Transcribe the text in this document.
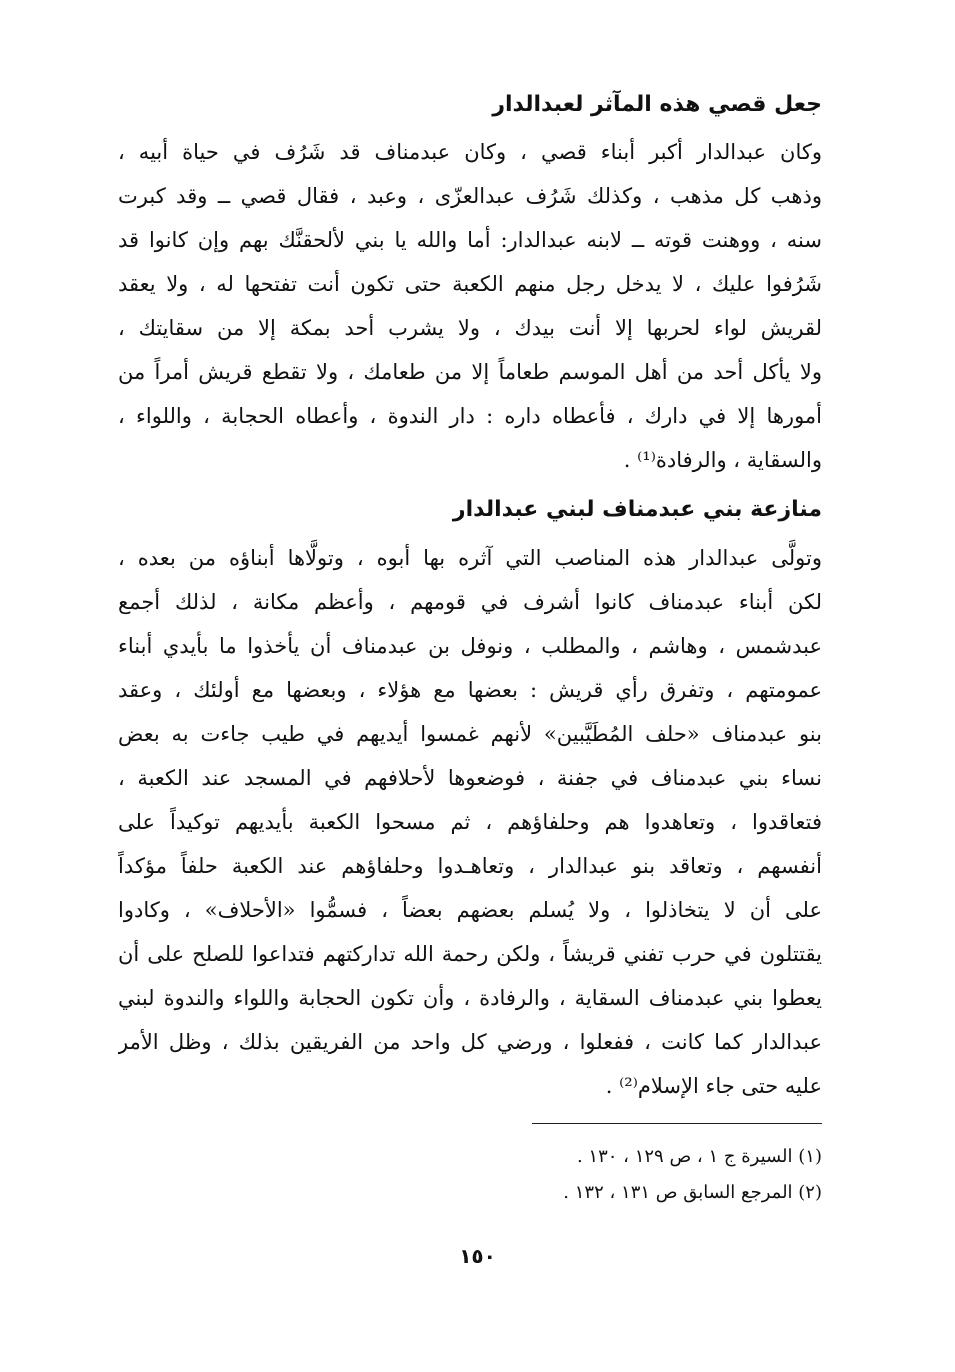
جعل قصي هذه المآثر لعبدالدار
وكان عبدالدار أكبر أبناء قصي ، وكان عبدمناف قد شَرُف في حياة أبيه ،
وذهب كل مذهب ، وكذلك شَرُف عبدالعزّى ، وعبد ، فقال قصي ــ وقد كبرت
سنه ، ووهنت قوته ــ لابنه عبدالدار: أما والله يا بني لألحقنَّك بهم وإن كانوا قد
شَرُفوا عليك ، لا يدخل رجل منهم الكعبة حتى تكون أنت تفتحها له ، ولا يعقد
لقريش لواء لحربها إلا أنت بيدك ، ولا يشرب أحد بمكة إلا من سقايتك ،
ولا يأكل أحد من أهل الموسم طعاماً إلا من طعامك ، ولا تقطع قريش أمراً من
أمورها إلا في دارك ، فأعطاه داره : دار الندوة ، وأعطاه الحجابة ، واللواء ،
والسقاية ، والرفادة⁽¹⁾ .
منازعة بني عبدمناف لبني عبدالدار
وتولَّى عبدالدار هذه المناصب التي آثره بها أبوه ، وتولَّاها أبناؤه من بعده ،
لكن أبناء عبدمناف كانوا أشرف في قومهم ، وأعظم مكانة ، لذلك أجمع
عبدشمس ، وهاشم ، والمطلب ، ونوفل بن عبدمناف أن يأخذوا ما بأيدي أبناء
عمومتهم ، وتفرق رأي قريش : بعضها مع هؤلاء ، وبعضها مع أولئك ، وعقد
بنو عبدمناف «حلف المُطَيَّبين» لأنهم غمسوا أيديهم في طيب جاءت به بعض
نساء بني عبدمناف في جفنة ، فوضعوها لأحلافهم في المسجد عند الكعبة ،
فتعاقدوا ، وتعاهدوا هم وحلفاؤهم ، ثم مسحوا الكعبة بأيديهم توكيداً على
أنفسهم ، وتعاقد بنو عبدالدار ، وتعاهـدوا وحلفاؤهم عند الكعبة حلفاً مؤكداً
على أن لا يتخاذلوا ، ولا يُسلم بعضهم بعضاً ، فسمُّوا «الأحلاف» ، وكادوا
يقتتلون في حرب تفني قريشاً ، ولكن رحمة الله تداركتهم فتداعوا للصلح على أن
يعطوا بني عبدمناف السقاية ، والرفادة ، وأن تكون الحجابة واللواء والندوة لبني
عبدالدار كما كانت ، ففعلوا ، ورضي كل واحد من الفريقين بذلك ، وظل الأمر
عليه حتى جاء الإسلام⁽²⁾ .
(١) السيرة ج ١ ، ص ١٢٩ ، ١٣٠ .
(٢) المرجع السابق ص ١٣١ ، ١٣٢ .
١٥٠
